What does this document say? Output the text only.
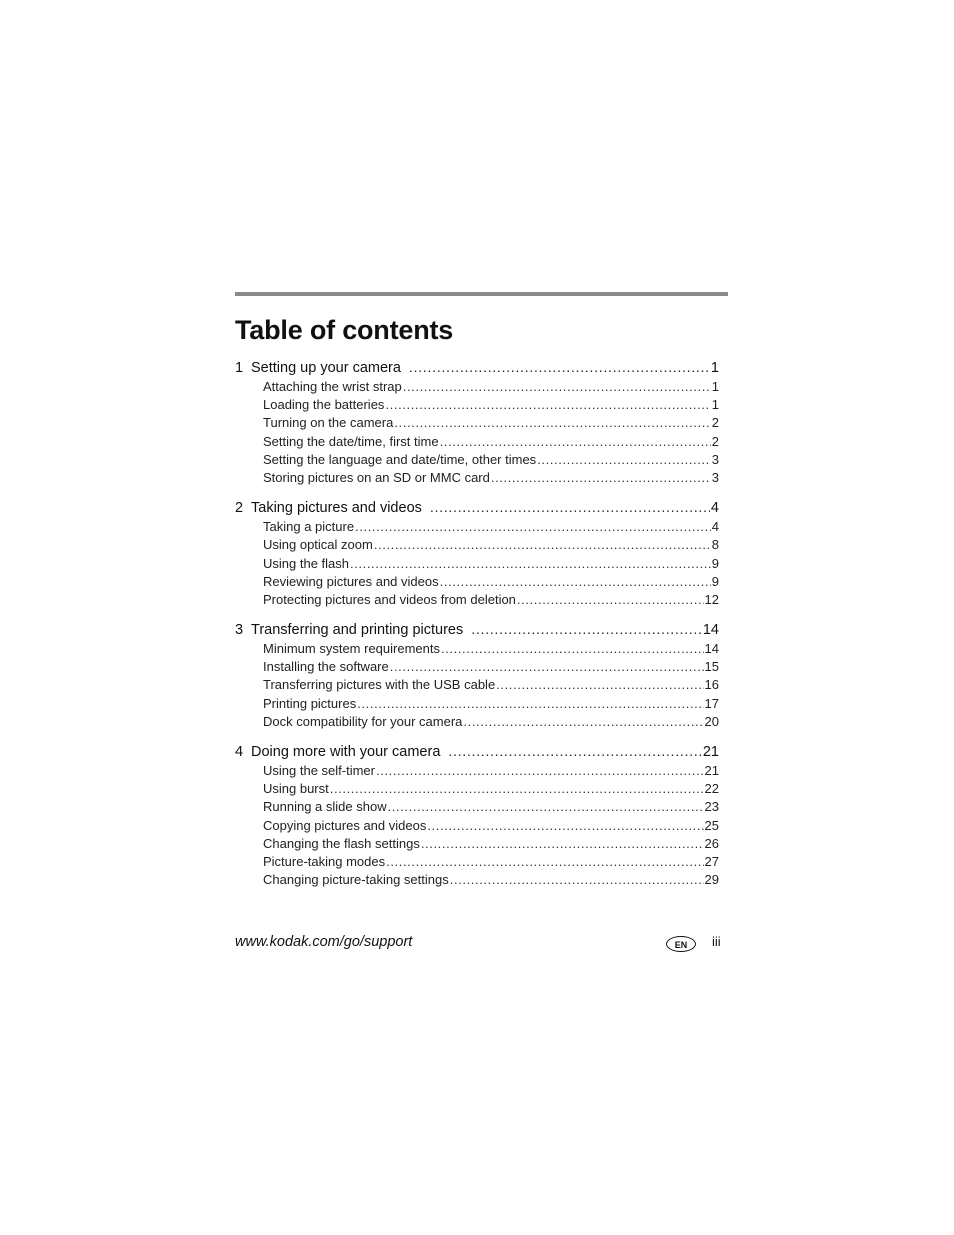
Table of contents
1 Setting up your camera .....	1
Attaching the wrist strap .....	1
Loading the batteries .....	1
Turning on the camera .....	2
Setting the date/time, first time .....	2
Setting the language and date/time, other times .....	3
Storing pictures on an SD or MMC card .....	3
2 Taking pictures and videos .....	4
Taking a picture .....	4
Using optical zoom .....	8
Using the flash .....	9
Reviewing pictures and videos .....	9
Protecting pictures and videos from deletion .....	12
3 Transferring and printing pictures .....	14
Minimum system requirements .....	14
Installing the software .....	15
Transferring pictures with the USB cable .....	16
Printing pictures .....	17
Dock compatibility for your camera .....	20
4 Doing more with your camera .....	21
Using the self-timer .....	21
Using burst .....	22
Running a slide show .....	23
Copying pictures and videos .....	25
Changing the flash settings .....	26
Picture-taking modes .....	27
Changing picture-taking settings .....	29
www.kodak.com/go/support	EN	iii
